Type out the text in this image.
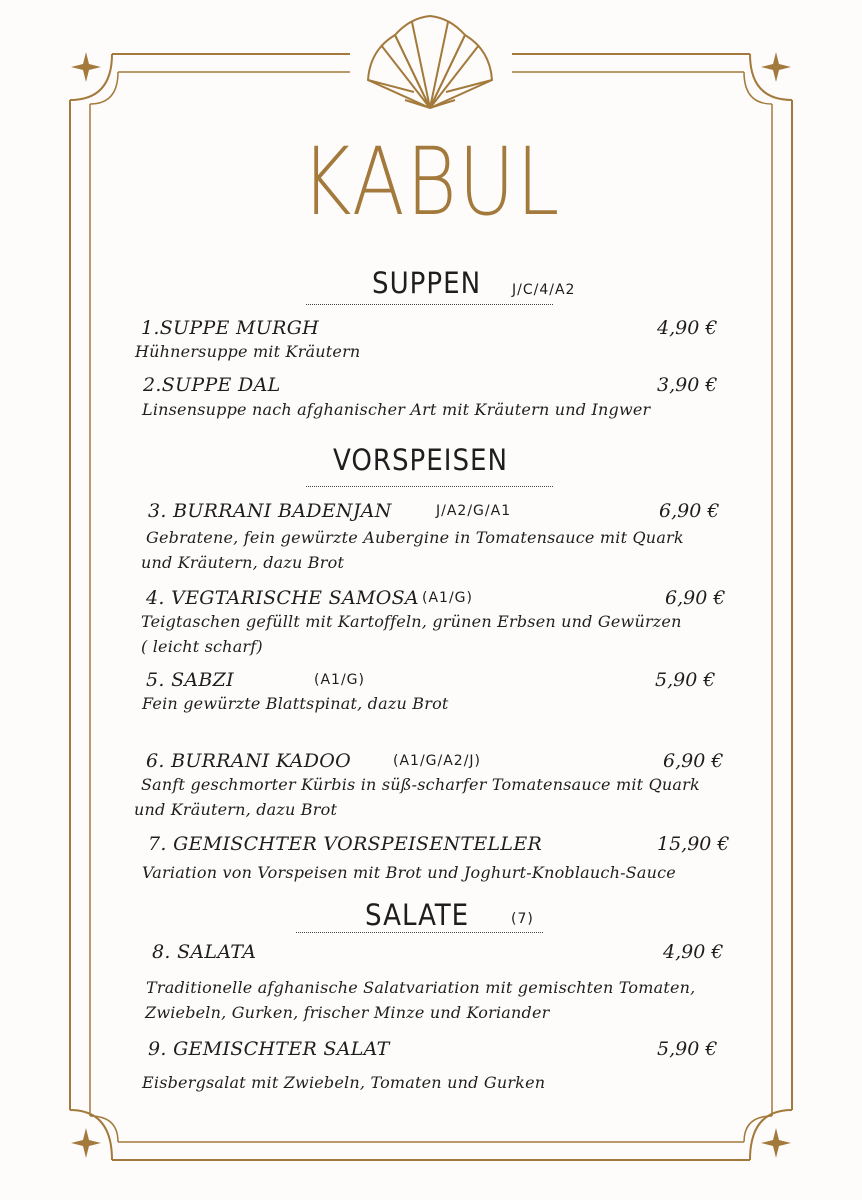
KABUL
SUPPEN J/C/4/A2
1.SUPPE MURGH	4,90 €
Hühnersuppe mit Kräutern
2.SUPPE DAL	3,90 €
Linsensuppe nach afghanischer Art mit Kräutern und Ingwer
VORSPEISEN
3. BURRANI BADENJAN	J/A2/G/A1	6,90 €
Gebratene, fein gewürzte Aubergine in Tomatensauce mit Quark
und Kräutern, dazu Brot
4. VEGTARISCHE SAMOSA (A1/G)	6,90 €
Teigtaschen gefüllt mit Kartoffeln, grünen Erbsen und Gewürzen
( leicht scharf)
5. SABZI	(A1/G)	5,90 €
Fein gewürzte Blattspinat, dazu Brot
6. BURRANI KADOO	(A1/G/A2/J)	6,90 €
Sanft geschmorter Kürbis in süß-scharfer Tomatensauce mit Quark
und Kräutern, dazu Brot
7. GEMISCHTER VORSPEISENTELLER	15,90 €
Variation von Vorspeisen mit Brot und Joghurt-Knoblauch-Sauce
SALATE	(7)
8. SALATA	4,90 €
Traditionelle afghanische Salatvariation mit gemischten Tomaten,
Zwiebeln, Gurken, frischer Minze und Koriander
9. GEMISCHTER SALAT	5,90 €
Eisbergsalat mit Zwiebeln, Tomaten und Gurken
